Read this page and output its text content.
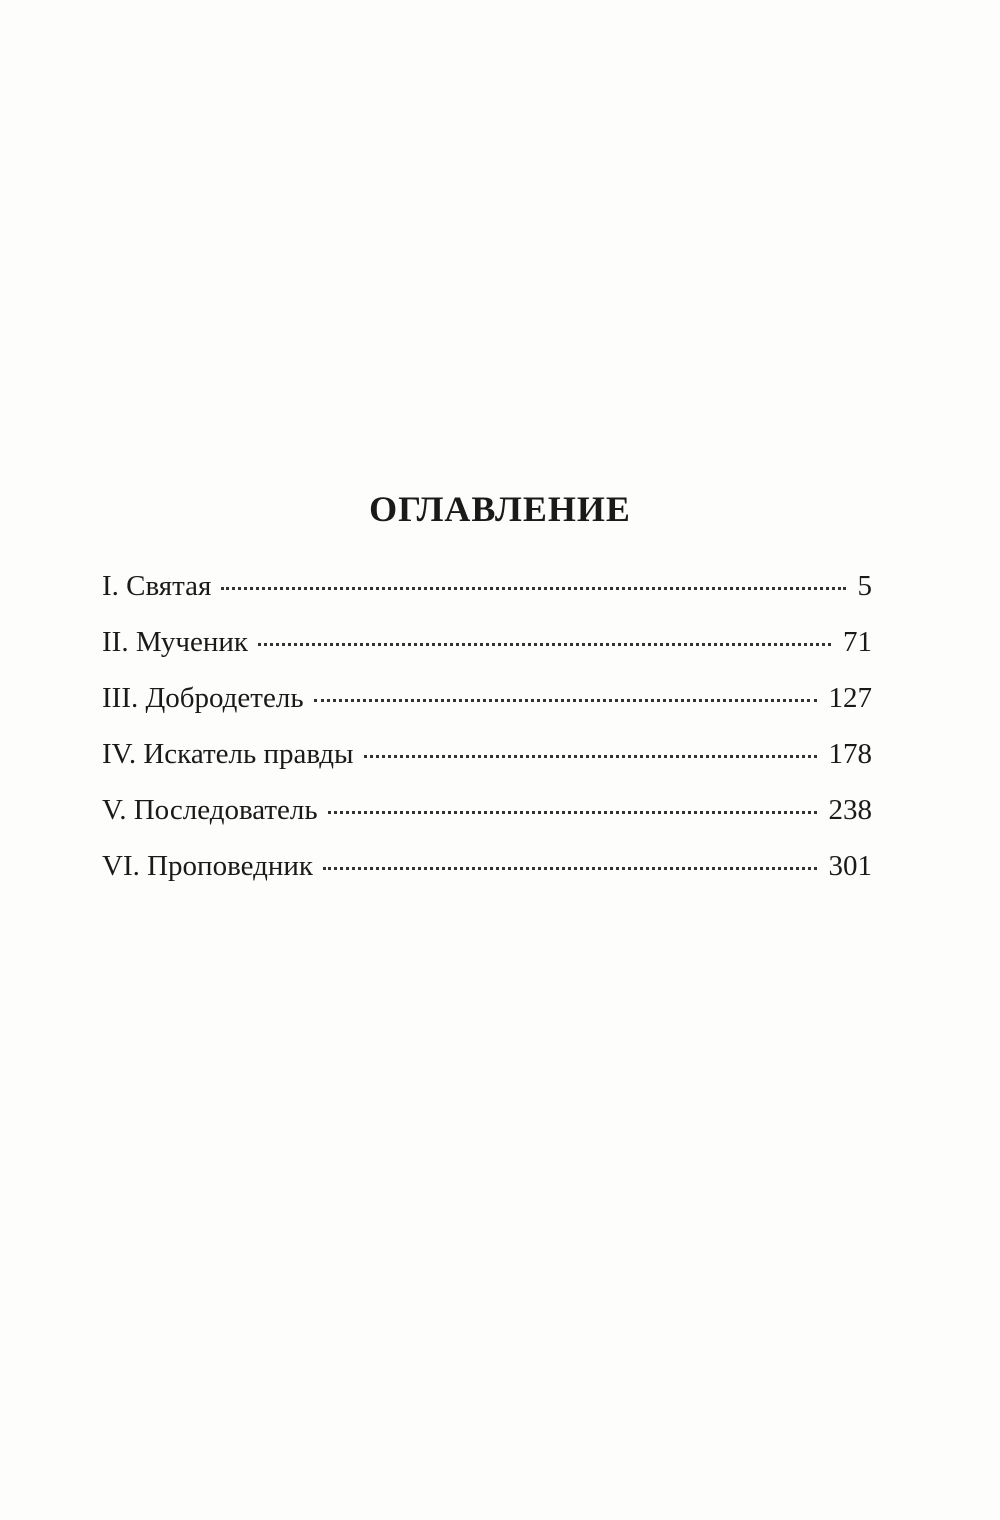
ОГЛАВЛЕНИЕ
I. Святая	5
II. Мученик	71
III. Добродетель	127
IV. Искатель правды	178
V. Последователь	238
VI. Проповедник	301
